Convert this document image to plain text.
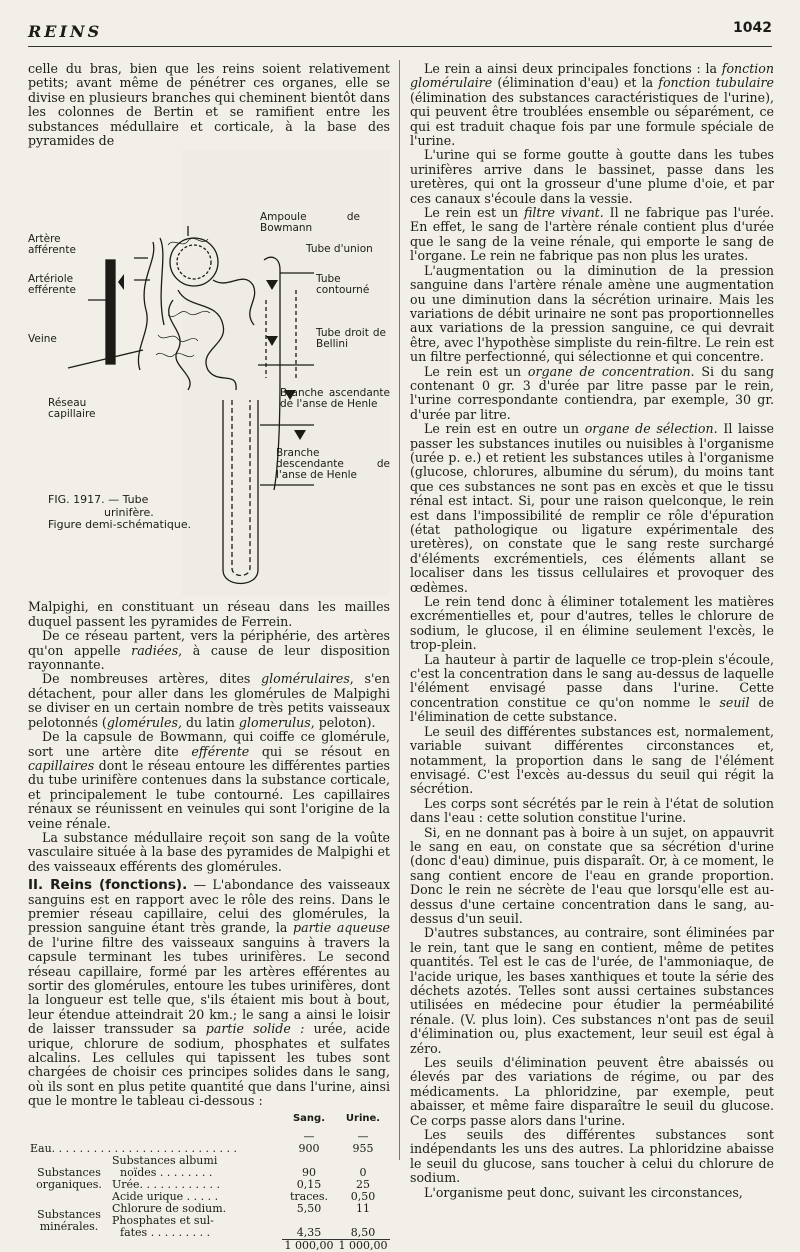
REINS	1042

celle du bras, bien que les reins soient relativement petits; avant même de pénétrer ces organes, elle se divise en plusieurs branches qui cheminent bientôt dans les colonnes de Bertin et se ramifient entre les substances médullaire et corticale, à la base des pyramides de

Ampoule de Bowmann
Tube d'union
Artère afférente
Artériole efférente
Tube contourné
Tube droit de Bellini
Veine
Branche ascendante de l'anse de Henle
Réseau capillaire
Branche descendante de l'anse de Henle
FIG. 1917. — Tube

urinifère.
Figure demi-schématique.

Malpighi, en constituant un réseau dans les mailles duquel passent les pyramides de Ferrein.

De ce réseau partent, vers la périphérie, des artères qu'on appelle radiées, à cause de leur disposition rayonnante.

De nombreuses artères, dites glomérulaires, s'en détachent, pour aller dans les glomérules de Malpighi se diviser en un certain nombre de très petits vaisseaux pelotonnés (glomérules, du latin glomerulus, peloton).

De la capsule de Bowmann, qui coiffe ce glomérule, sort une artère dite efférente qui se résout en capillaires dont le réseau entoure les différentes parties du tube urinifère contenues dans la substance corticale, et principalement le tube contourné. Les capillaires rénaux se réunissent en veinules qui sont l'origine de la veine rénale.

La substance médullaire reçoit son sang de la voûte vasculaire située à la base des pyramides de Malpighi et des vaisseaux efférents des glomérules.

II. Reins (fonctions). — L'abondance des vaisseaux sanguins est en rapport avec le rôle des reins. Dans le premier réseau capillaire, celui des glomérules, la pression sanguine étant très grande, la partie aqueuse de l'urine filtre des vaisseaux sanguins à travers la capsule terminant les tubes urinifères. Le second réseau capillaire, formé par les artères efférentes au sortir des glomérules, entoure les tubes urinifères, dont la longueur est telle que, s'ils étaient mis bout à bout, leur étendue atteindrait 20 km.; le sang a ainsi le loisir de laisser transsuder sa partie solide : urée, acide urique, chlorure de sodium, phosphates et sulfates alcalins. Les cellules qui tapissent les tubes sont chargées de choisir ces principes solides dans le sang, où ils sont en plus petite quantité que dans l'urine, ainsi que le montre le tableau ci-dessous :

		Sang.	Urine.
		—	—
Eau. . . . . . . . . . . . . . . . . . . . . . . . . . .		900	955
Substances organiques.	Substances albumi		
	noïdes . . . . . . . .	90	0
	Urée. . . . . . . . . . . .	0,15	25
	Acide urique . . . . .	traces.	0,50
Substances minérales.	Chlorure de sodium.	5,50	11
	Phosphates et sul-		
	fates . . . . . . . . .	4,35	8,50
		1 000,00	1 000,00

Le rein a ainsi deux principales fonctions : la fonction glomérulaire (élimination d'eau) et la fonction tubulaire (élimination des substances caractéristiques de l'urine), qui peuvent être troublées ensemble ou séparément, ce qui est traduit chaque fois par une formule spéciale de l'urine.

L'urine qui se forme goutte à goutte dans les tubes urinifères arrive dans le bassinet, passe dans les uretères, qui ont la grosseur d'une plume d'oie, et par ces canaux s'écoule dans la vessie.

Le rein est un filtre vivant. Il ne fabrique pas l'urée. En effet, le sang de l'artère rénale contient plus d'urée que le sang de la veine rénale, qui emporte le sang de l'organe. Le rein ne fabrique pas non plus les urates.

L'augmentation ou la diminution de la pression sanguine dans l'artère rénale amène une augmentation ou une diminution dans la sécrétion urinaire. Mais les variations de débit urinaire ne sont pas proportionnelles aux variations de la pression sanguine, ce qui devrait être, avec l'hypothèse simpliste du rein-filtre. Le rein est un filtre perfectionné, qui sélectionne et qui concentre.

Le rein est un organe de concentration. Si du sang contenant 0 gr. 3 d'urée par litre passe par le rein, l'urine correspondante contiendra, par exemple, 30 gr. d'urée par litre.

Le rein est en outre un organe de sélection. Il laisse passer les substances inutiles ou nuisibles à l'organisme (urée p. e.) et retient les substances utiles à l'organisme (glucose, chlorures, albumine du sérum), du moins tant que ces substances ne sont pas en excès et que le tissu rénal est intact. Si, pour une raison quelconque, le rein est dans l'impossibilité de remplir ce rôle d'épuration (état pathologique ou ligature expérimentale des uretères), on constate que le sang reste surchargé d'éléments excrémentiels, ces éléments allant se localiser dans les tissus cellulaires et provoquer des œdèmes.

Le rein tend donc à éliminer totalement les matières excrémentielles et, pour d'autres, telles le chlorure de sodium, le glucose, il en élimine seulement l'excès, le trop-plein.

La hauteur à partir de laquelle ce trop-plein s'écoule, c'est la concentration dans le sang au-dessus de laquelle l'élément envisagé passe dans l'urine. Cette concentration constitue ce qu'on nomme le seuil de l'élimination de cette substance.

Le seuil des différentes substances est, normalement, variable suivant différentes circonstances et, notamment, la proportion dans le sang de l'élément envisagé. C'est l'excès au-dessus du seuil qui régit la sécrétion.

Les corps sont sécrétés par le rein à l'état de solution dans l'eau : cette solution constitue l'urine.

Si, en ne donnant pas à boire à un sujet, on appauvrit le sang en eau, on constate que sa sécrétion d'urine (donc d'eau) diminue, puis disparaît. Or, à ce moment, le sang contient encore de l'eau en grande proportion. Donc le rein ne sécrète de l'eau que lorsqu'elle est au-dessus d'une certaine concentration dans le sang, au-dessus d'un seuil.

D'autres substances, au contraire, sont éliminées par le rein, tant que le sang en contient, même de petites quantités. Tel est le cas de l'urée, de l'ammoniaque, de l'acide urique, les bases xanthiques et toute la série des déchets azotés. Telles sont aussi certaines substances utilisées en médecine pour étudier la perméabilité rénale. (V. plus loin). Ces substances n'ont pas de seuil d'élimination ou, plus exactement, leur seuil est égal à zéro.

Les seuils d'élimination peuvent être abaissés ou élevés par des variations de régime, ou par des médicaments. La phloridzine, par exemple, peut abaisser, et même faire disparaître le seuil du glucose. Ce corps passe alors dans l'urine.

Les seuils des différentes substances sont indépendants les uns des autres. La phloridzine abaisse le seuil du glucose, sans toucher à celui du chlorure de sodium.

L'organisme peut donc, suivant les circonstances,
